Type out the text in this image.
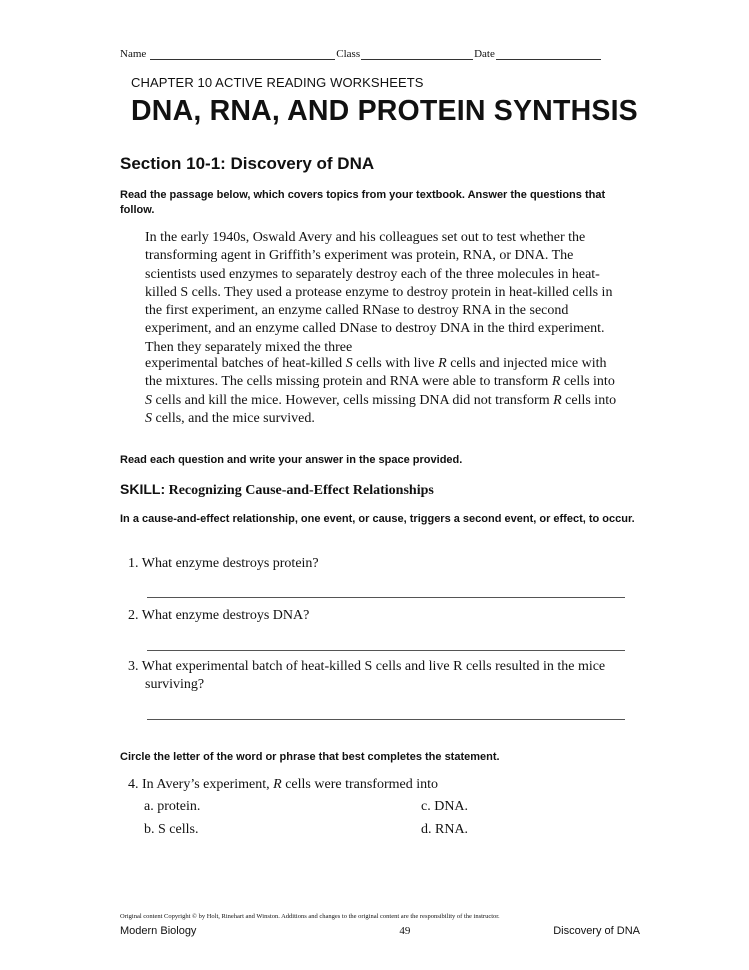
Name	Class	Date
CHAPTER 10 ACTIVE READING WORKSHEETS
DNA, RNA, AND PROTEIN SYNTHSIS
Section 10-1: Discovery of DNA
Read the passage below, which covers topics from your textbook. Answer the questions that follow.
In the early 1940s, Oswald Avery and his colleagues set out to test whether the transforming agent in Griffith’s experiment was protein, RNA, or DNA. The scientists used enzymes to separately destroy each of the three molecules in heat-killed S cells. They used a protease enzyme to destroy protein in heat-killed cells in the first experiment, an enzyme called RNase to destroy RNA in the second experiment, and an enzyme called DNase to destroy DNA in the third experiment. Then they separately mixed the three
experimental batches of heat-killed S cells with live R cells and injected mice with the mixtures. The cells missing protein and RNA were able to transform R cells into S cells and kill the mice. However, cells missing DNA did not transform R cells into S cells, and the mice survived.
Read each question and write your answer in the space provided.
SKILL: Recognizing Cause-and-Effect Relationships
In a cause-and-effect relationship, one event, or cause, triggers a second event, or effect, to occur.
1. What enzyme destroys protein?
2. What enzyme destroys DNA?
3. What experimental batch of heat-killed S cells and live R cells resulted in the mice surviving?
Circle the letter of the word or phrase that best completes the statement.
4. In Avery’s experiment, R cells were transformed into
a. protein.	c. DNA.
b. S cells.	d. RNA.
Original content Copyright © by Holt, Rinehart and Winston. Additions and changes to the original content are the responsibility of the instructor.
Modern Biology	49	Discovery of DNA
